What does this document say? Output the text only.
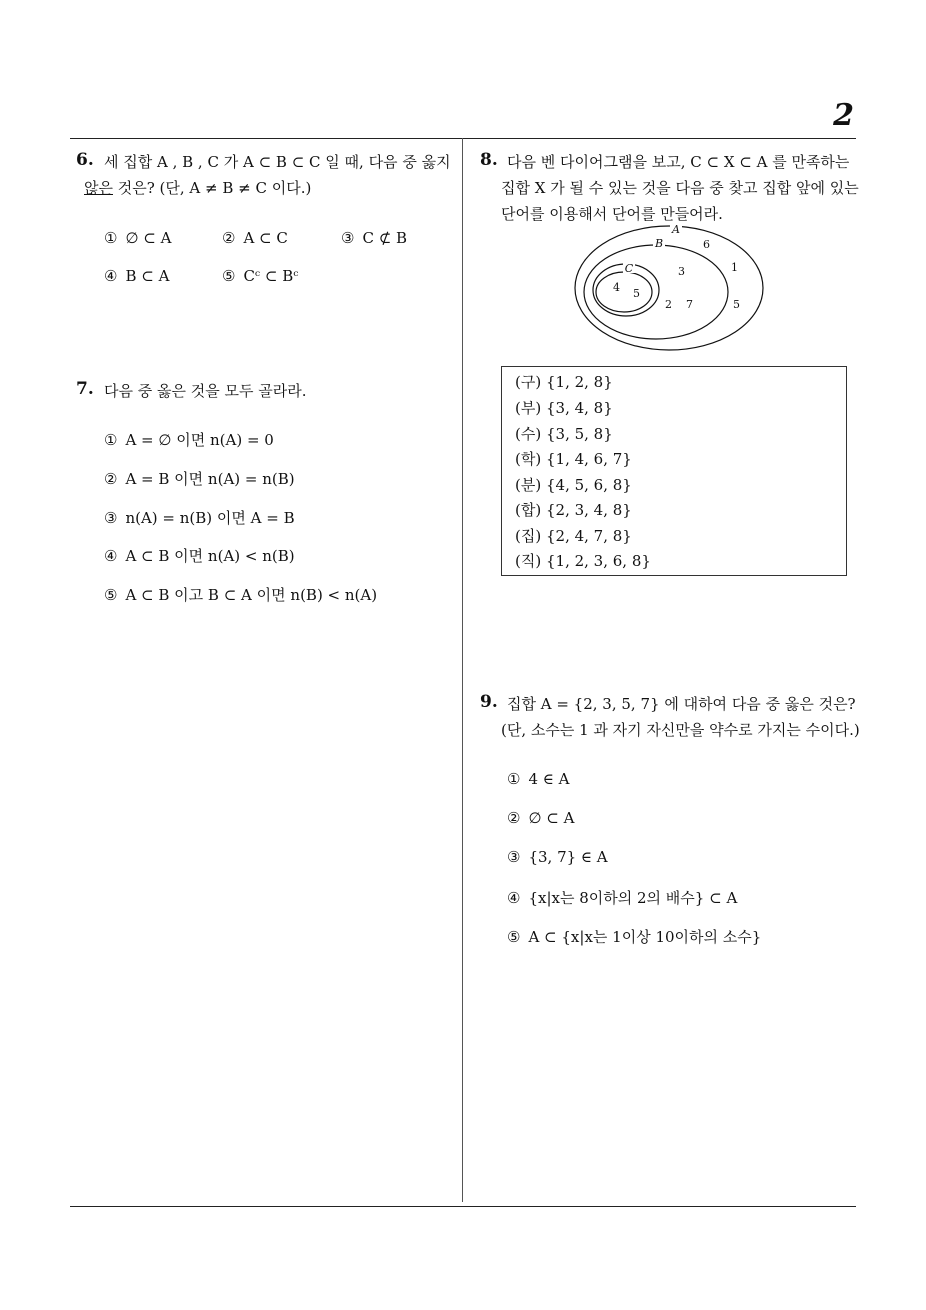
2
6. 세 집합 A , B , C 가 A ⊂ B ⊂ C 일 때, 다음 중 옳지
않은 것은? (단, A ≠ B ≠ C 이다.)
① ∅ ⊂ A	② A ⊂ C	③ C ⊄ B
④ B ⊂ A	⑤ Cᶜ ⊂ Bᶜ
7. 다음 중 옳은 것을 모두 골라라.
① A = ∅ 이면 n(A) = 0
② A = B 이면 n(A) = n(B)
③ n(A) = n(B) 이면 A = B
④ A ⊂ B 이면 n(A) < n(B)
⑤ A ⊂ B 이고 B ⊂ A 이면 n(B) < n(A)
8. 다음 벤 다이어그램을 보고, C ⊂ X ⊂ A 를 만족하는
집합 X 가 될 수 있는 것을 다음 중 찾고 집합 앞에 있는
단어를 이용해서 단어를 만들어라.
A
B
C
6
1
3
4 5
2 7	5
(구) {1, 2, 8}
(부) {3, 4, 8}
(수) {3, 5, 8}
(학) {1, 4, 6, 7}
(분) {4, 5, 6, 8}
(합) {2, 3, 4, 8}
(집) {2, 4, 7, 8}
(직) {1, 2, 3, 6, 8}
9. 집합 A = {2, 3, 5, 7} 에 대하여 다음 중 옳은 것은?
(단, 소수는 1 과 자기 자신만을 약수로 가지는 수이다.)
① 4 ∈ A
② ∅ ⊂ A
③ {3, 7} ∈ A
④ {x|x는 8이하의 2의 배수} ⊂ A
⑤ A ⊂ {x|x는 1이상 10이하의 소수}
